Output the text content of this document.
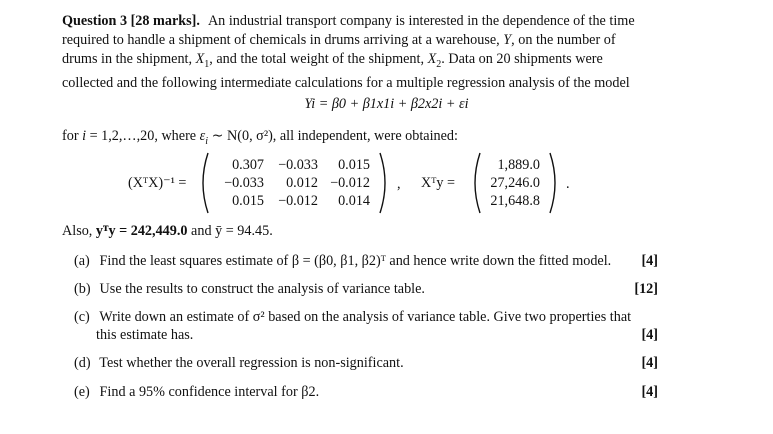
Question 3 [28 marks]. An industrial transport company is interested in the dependence of the time
required to handle a shipment of chemicals in drums arriving at a warehouse, Y, on the number of
drums in the shipment, $X_1$, and the total weight of the shipment, $X_2$. Data on 20 shipments were
collected and the following intermediate calculations for a multiple regression analysis of the model
Yi = β0 + β1x1i + β2x2i + εi
for i = 1,2,…,20, where $\varepsilon_i$ ∼ N(0, σ²), all independent, were obtained:
(XᵀX)⁻¹ =
0.307 −0.033	0.015
−0.033	0.012 −0.012
0.015 −0.012	0.014
, Xᵀy =
1,889.0
27,246.0
21,648.8
.
Also, yᵀy = 242,449.0 and ȳ = 94.45.
(a) Find the least squares estimate of β = (β0, β1, β2)ᵀ and hence write down the fitted model. [4]
(b) Use the results to construct the analysis of variance table.	[12]
(c) Write down an estimate of σ² based on the analysis of variance table. Give two properties that
this estimate has.	[4]
(d) Test whether the overall regression is non-significant.	[4]
(e) Find a 95% confidence interval for β2.	[4]
